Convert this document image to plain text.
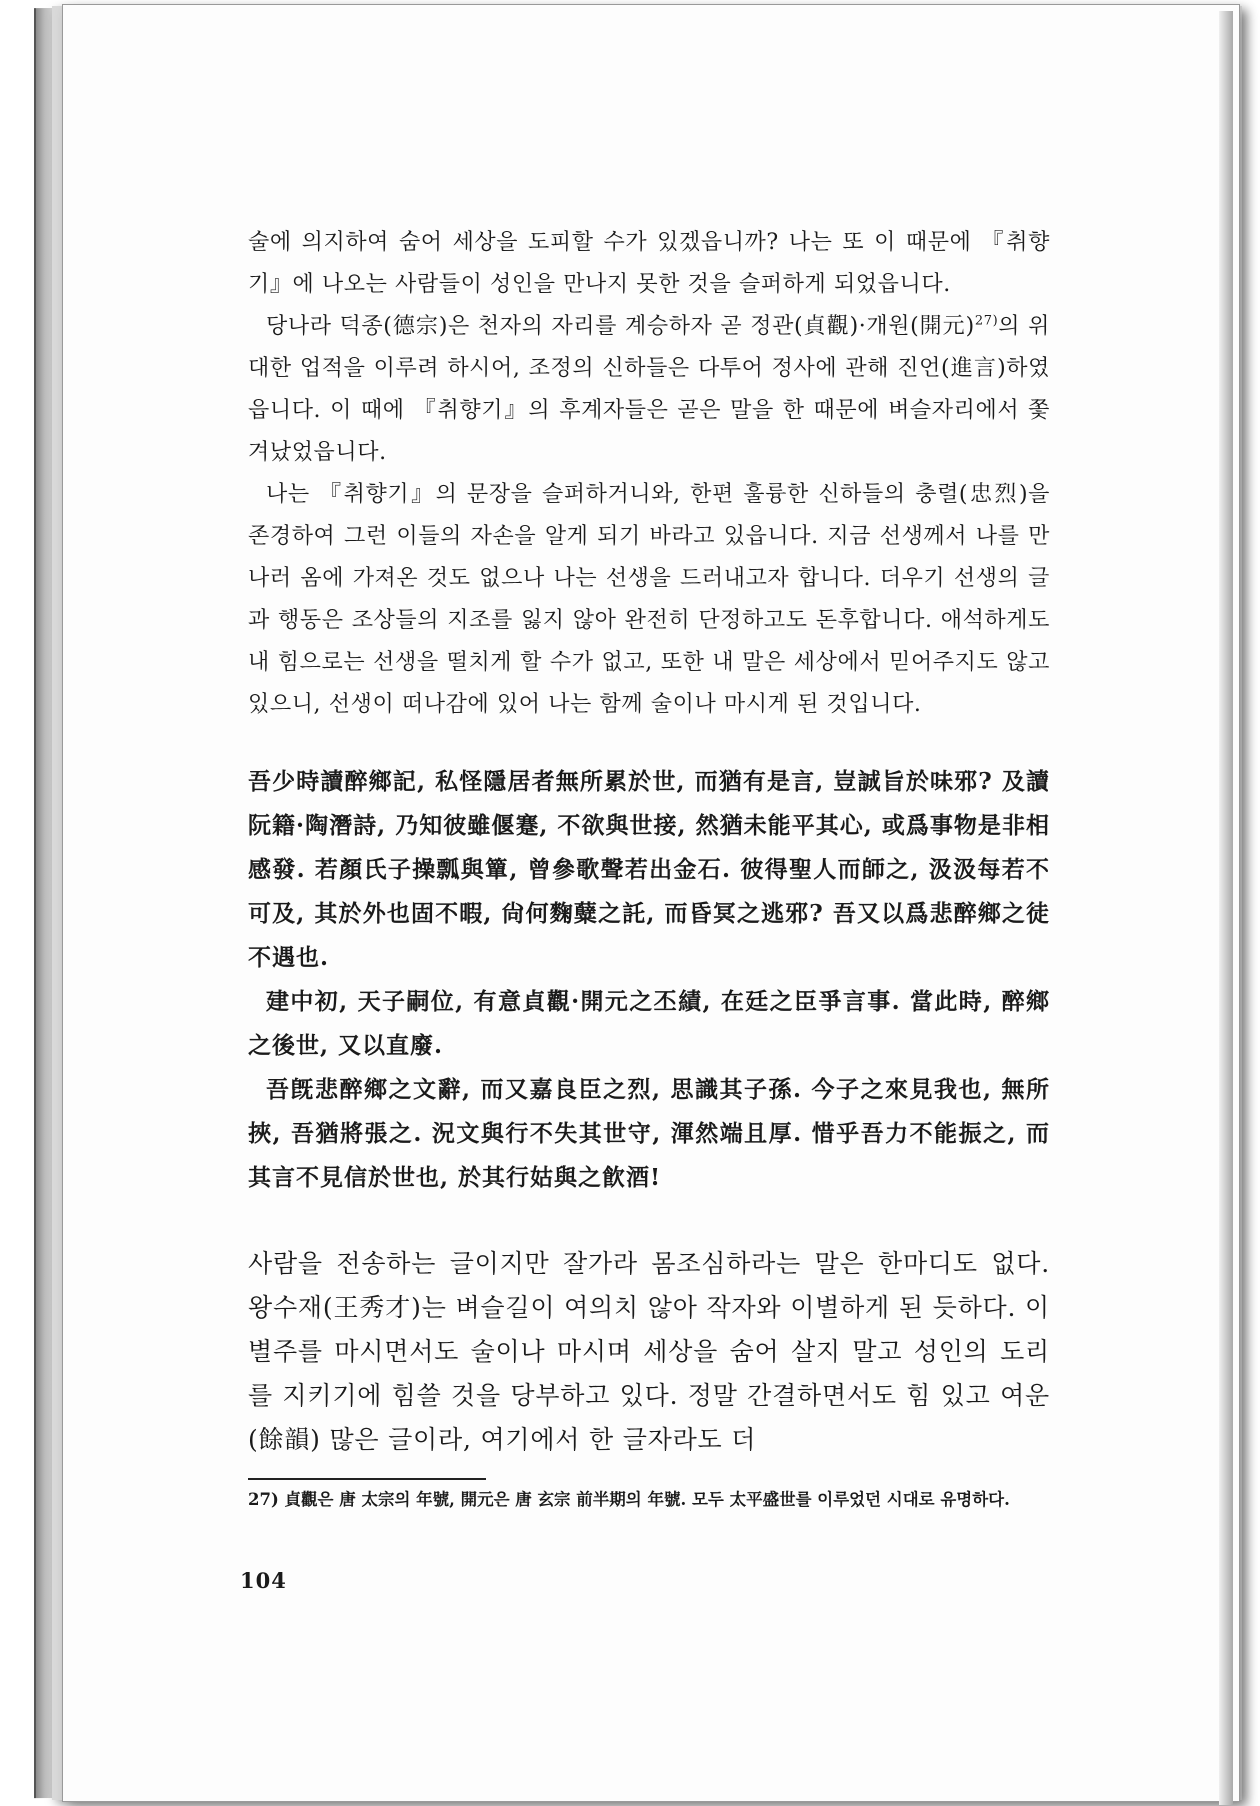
술에 의지하여 숨어 세상을 도피할 수가 있겠읍니까? 나는 또 이 때문에 『취향기』에 나오는 사람들이 성인을 만나지 못한 것을 슬퍼하게 되었읍니다.

당나라 덕종(德宗)은 천자의 자리를 계승하자 곧 정관(貞觀)·개원(開元)$^{27)}$의 위대한 업적을 이루려 하시어, 조정의 신하들은 다투어 정사에 관해 진언(進言)하였읍니다. 이 때에 『취향기』의 후계자들은 곧은 말을 한 때문에 벼슬자리에서 쫓겨났었읍니다.

나는 『취향기』의 문장을 슬퍼하거니와, 한편 훌륭한 신하들의 충렬(忠烈)을 존경하여 그런 이들의 자손을 알게 되기 바라고 있읍니다. 지금 선생께서 나를 만나러 옴에 가져온 것도 없으나 나는 선생을 드러내고자 합니다. 더우기 선생의 글과 행동은 조상들의 지조를 잃지 않아 완전히 단정하고도 돈후합니다. 애석하게도 내 힘으로는 선생을 떨치게 할 수가 없고, 또한 내 말은 세상에서 믿어주지도 않고 있으니, 선생이 떠나감에 있어 나는 함께 술이나 마시게 된 것입니다.

吾少時讀醉鄉記, 私怪隱居者無所累於世, 而猶有是言, 豈誠旨於味邪? 及讀阮籍·陶潛詩, 乃知彼雖偃蹇, 不欲與世接, 然猶未能平其心, 或爲事物是非相感發. 若顏氏子操瓢與簞, 曾參歌聲若出金石. 彼得聖人而師之, 汲汲每若不可及, 其於外也固不暇, 尙何麴糵之託, 而昏冥之逃邪? 吾又以爲悲醉鄉之徒不遇也.

建中初, 天子嗣位, 有意貞觀·開元之丕績, 在廷之臣爭言事. 當此時, 醉鄉之後世, 又以直廢.

吾旣悲醉鄉之文辭, 而又嘉良臣之烈, 思識其子孫. 今子之來見我也, 無所挾, 吾猶將張之. 況文與行不失其世守, 渾然端且厚. 惜乎吾力不能振之, 而其言不見信於世也, 於其行姑與之飮酒!

사람을 전송하는 글이지만 잘가라 몸조심하라는 말은 한마디도 없다. 왕수재(王秀才)는 벼슬길이 여의치 않아 작자와 이별하게 된 듯하다. 이별주를 마시면서도 술이나 마시며 세상을 숨어 살지 말고 성인의 도리를 지키기에 힘쓸 것을 당부하고 있다. 정말 간결하면서도 힘 있고 여운(餘韻) 많은 글이라, 여기에서 한 글자라도 더

27) 貞觀은 唐 太宗의 年號, 開元은 唐 玄宗 前半期의 年號. 모두 太平盛世를 이루었던 시대로 유명하다.

104
